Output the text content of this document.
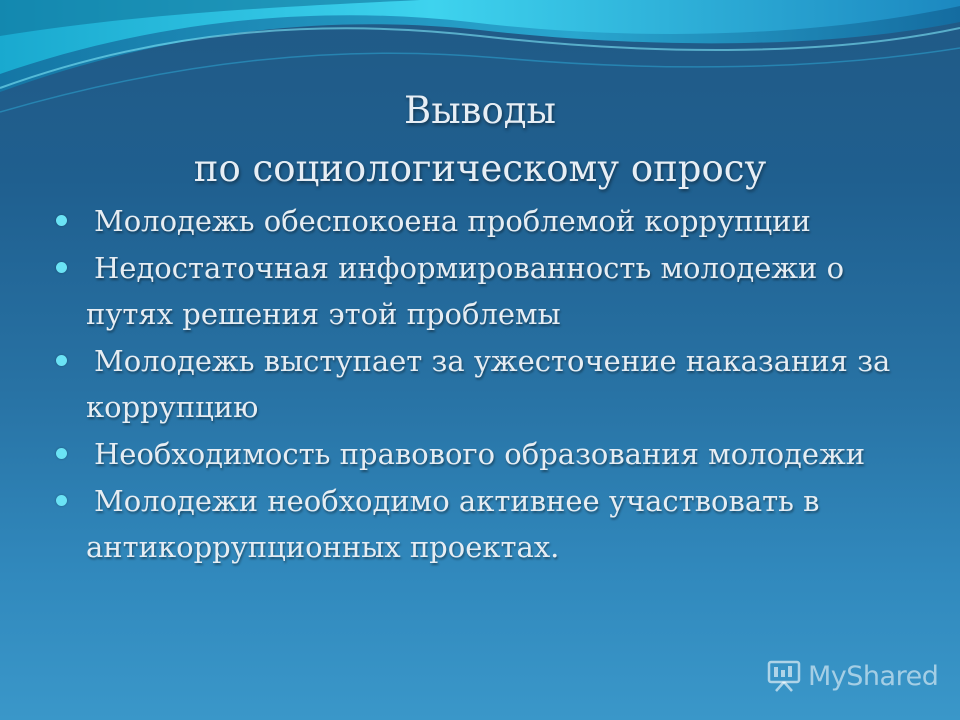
Выводы
по социологическому опросу
Молодежь обеспокоена проблемой коррупции
Недостаточная информированность молодежи о путях решения этой проблемы
Молодежь выступает за ужесточение наказания за коррупцию
Необходимость правового образования молодежи
Молодежи необходимо активнее участвовать в антикоррупционных проектах.
MyShared
